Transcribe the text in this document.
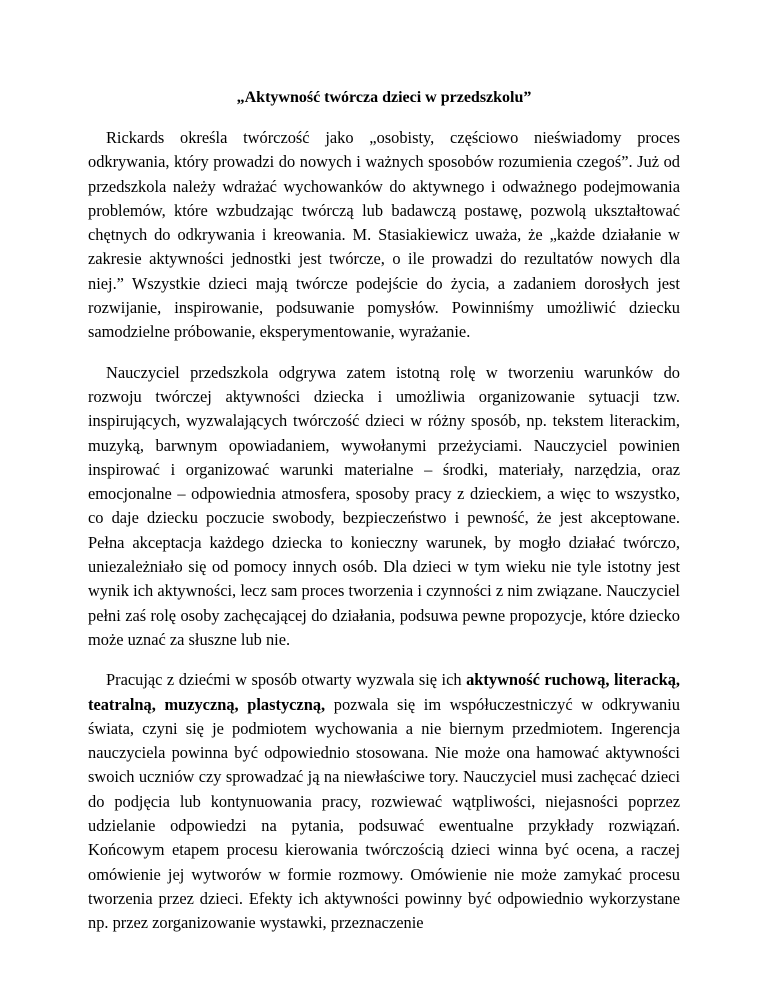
„Aktywność twórcza dzieci w przedszkolu”

Rickards określa twórczość jako „osobisty, częściowo nieświadomy proces odkrywania, który prowadzi do nowych i ważnych sposobów rozumienia czegoś”. Już od przedszkola należy wdrażać wychowanków do aktywnego i odważnego podejmowania problemów, które wzbudzając twórczą lub badawczą postawę, pozwolą ukształtować chętnych do odkrywania i kreowania. M. Stasiakiewicz uważa, że „każde działanie w zakresie aktywności jednostki jest twórcze, o ile prowadzi do rezultatów nowych dla niej.” Wszystkie dzieci mają twórcze podejście do życia, a zadaniem dorosłych jest rozwijanie, inspirowanie, podsuwanie pomysłów. Powinniśmy umożliwić dziecku samodzielne próbowanie, eksperymentowanie, wyrażanie.

Nauczyciel przedszkola odgrywa zatem istotną rolę w tworzeniu warunków do rozwoju twórczej aktywności dziecka i umożliwia organizowanie sytuacji tzw. inspirujących, wyzwalających twórczość dzieci w różny sposób, np. tekstem literackim, muzyką, barwnym opowiadaniem, wywołanymi przeżyciami. Nauczyciel powinien inspirować i organizować warunki materialne – środki, materiały, narzędzia, oraz emocjonalne – odpowiednia atmosfera, sposoby pracy z dzieckiem, a więc to wszystko, co daje dziecku poczucie swobody, bezpieczeństwo i pewność, że jest akceptowane. Pełna akceptacja każdego dziecka to konieczny warunek, by mogło działać twórczo, uniezależniało się od pomocy innych osób. Dla dzieci w tym wieku nie tyle istotny jest wynik ich aktywności, lecz sam proces tworzenia i czynności z nim związane. Nauczyciel pełni zaś rolę osoby zachęcającej do działania, podsuwa pewne propozycje, które dziecko może uznać za słuszne lub nie.

Pracując z dziećmi w sposób otwarty wyzwala się ich aktywność ruchową, literacką, teatralną, muzyczną, plastyczną, pozwala się im współuczestniczyć w odkrywaniu świata, czyni się je podmiotem wychowania a nie biernym przedmiotem. Ingerencja nauczyciela powinna być odpowiednio stosowana. Nie może ona hamować aktywności swoich uczniów czy sprowadzać ją na niewłaściwe tory. Nauczyciel musi zachęcać dzieci do podjęcia lub kontynuowania pracy, rozwiewać wątpliwości, niejasności poprzez udzielanie odpowiedzi na pytania, podsuwać ewentualne przykłady rozwiązań. Końcowym etapem procesu kierowania twórczością dzieci winna być ocena, a raczej omówienie jej wytworów w formie rozmowy. Omówienie nie może zamykać procesu tworzenia przez dzieci. Efekty ich aktywności powinny być odpowiednio wykorzystane np. przez zorganizowanie wystawki, przeznaczenie
